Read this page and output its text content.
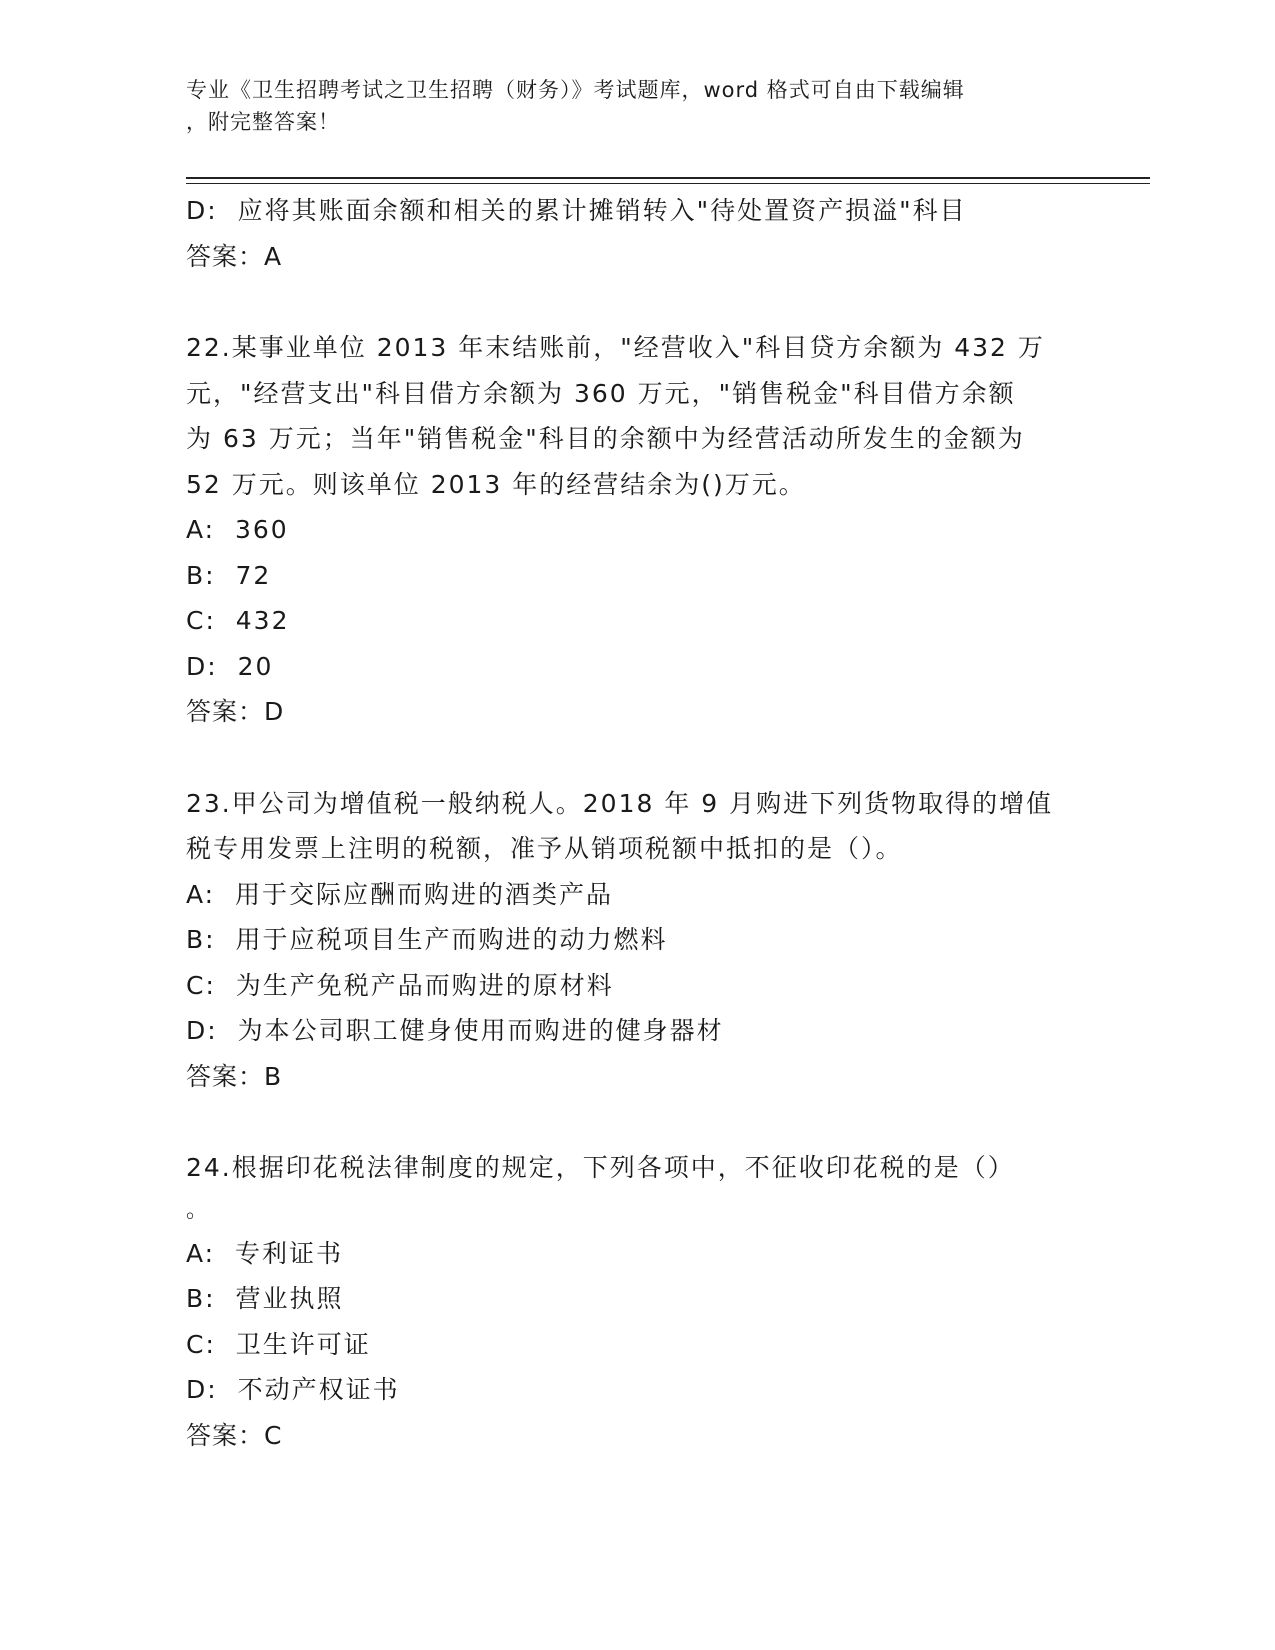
专业《卫生招聘考试之卫生招聘（财务）》考试题库，word 格式可自由下载编辑
，附完整答案！
D:  应将其账面余额和相关的累计摊销转入"待处置资产损溢"科目
答案：A
22.某事业单位 2013 年末结账前，"经营收入"科目贷方余额为 432 万
元，"经营支出"科目借方余额为 360 万元，"销售税金"科目借方余额
为 63 万元；当年"销售税金"科目的余额中为经营活动所发生的金额为
52 万元。则该单位 2013 年的经营结余为()万元。
A:  360
B:  72
C:  432
D:  20
答案：D
23.甲公司为增值税一般纳税人。2018 年 9 月购进下列货物取得的增值
税专用发票上注明的税额，准予从销项税额中抵扣的是（）。
A:  用于交际应酬而购进的酒类产品
B:  用于应税项目生产而购进的动力燃料
C:  为生产免税产品而购进的原材料
D:  为本公司职工健身使用而购进的健身器材
答案：B
24.根据印花税法律制度的规定，下列各项中，不征收印花税的是（）
。
A:  专利证书
B:  营业执照
C:  卫生许可证
D:  不动产权证书
答案：C
